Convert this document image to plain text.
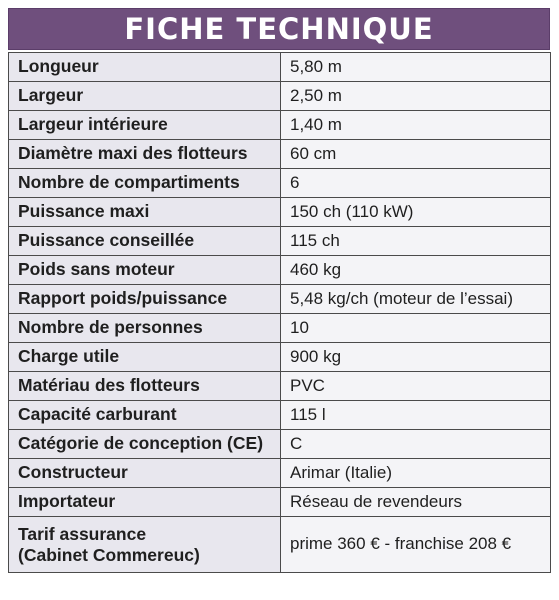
FICHE TECHNIQUE
Longueur	5,80 m
Largeur	2,50 m
Largeur intérieure	1,40 m
Diamètre maxi des flotteurs	60 cm
Nombre de compartiments	6
Puissance maxi	150 ch (110 kW)
Puissance conseillée	115 ch
Poids sans moteur	460 kg
Rapport poids/puissance	5,48 kg/ch (moteur de l’essai)
Nombre de personnes	10
Charge utile	900 kg
Matériau des flotteurs	PVC
Capacité carburant	115 l
Catégorie de conception (CE)	C
Constructeur	Arimar (Italie)
Importateur	Réseau de revendeurs
Tarif assurance
(Cabinet Commereuc)	prime 360 € - franchise 208 €
